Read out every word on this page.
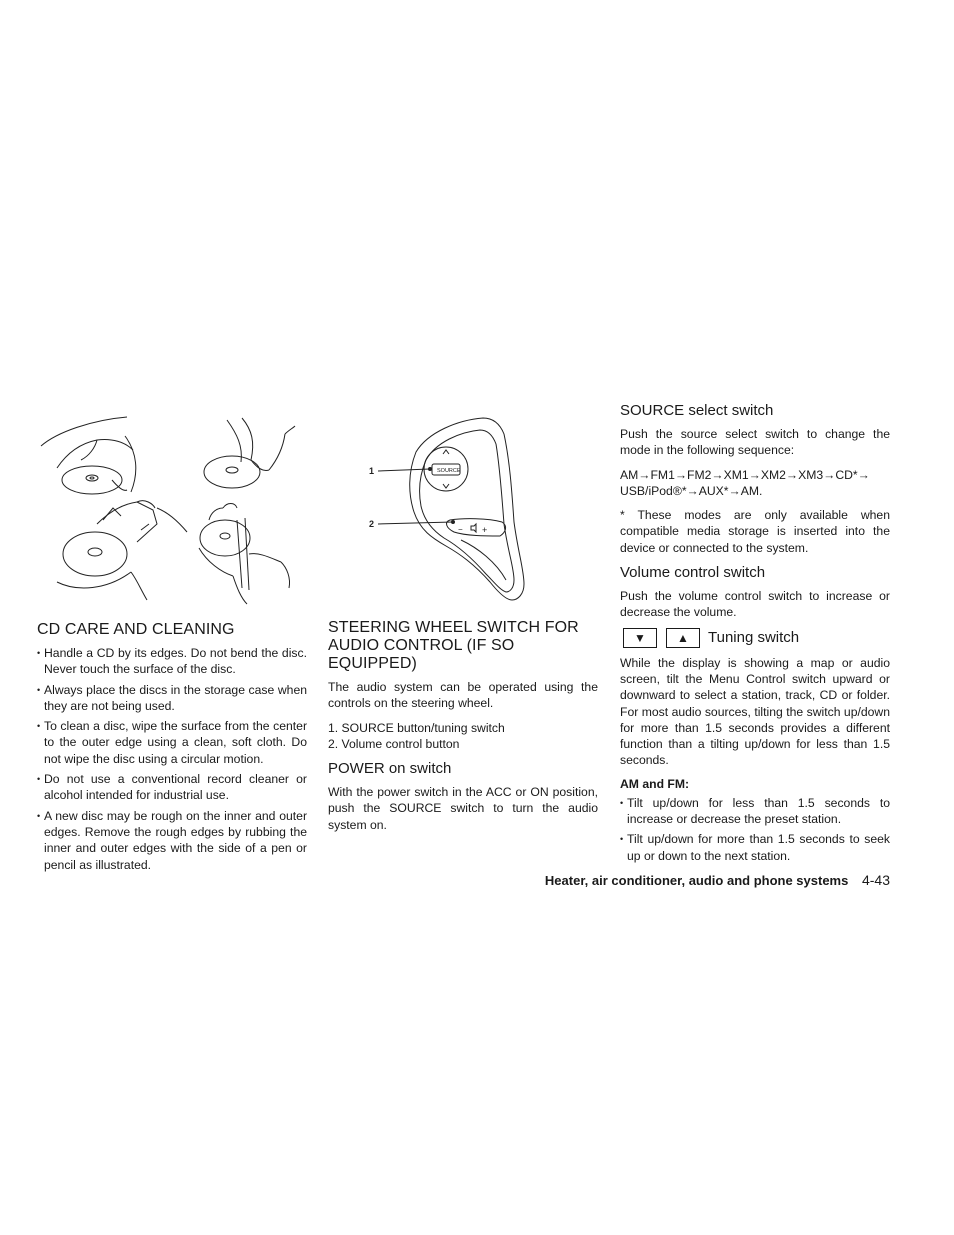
− +
SOURCE
1
2
CD CARE AND CLEANING
• Handle a CD by its edges. Do not bend the disc. Never touch the surface of the disc.
• Always place the discs in the storage case when they are not being used.
• To clean a disc, wipe the surface from the center to the outer edge using a clean, soft cloth. Do not wipe the disc using a circular motion.
• Do not use a conventional record cleaner or alcohol intended for industrial use.
• A new disc may be rough on the inner and outer edges. Remove the rough edges by rubbing the inner and outer edges with the side of a pen or pencil as illustrated.
STEERING WHEEL SWITCH FOR AUDIO CONTROL (IF SO EQUIPPED)

The audio system can be operated using the controls on the steering wheel.

1. SOURCE button/tuning switch
2. Volume control button
POWER on switch

With the power switch in the ACC or ON position, push the SOURCE switch to turn the audio system on.

SOURCE select switch

Push the source select switch to change the mode in the following sequence:

AM→FM1→FM2→XM1→XM2→XM3→CD*→ USB/iPod®*→AUX*→AM.

* These modes are only available when compatible media storage is inserted into the device or connected to the system.

Volume control switch

Push the volume control switch to increase or decrease the volume.

▼	▲	Tuning switch

While the display is showing a map or audio screen, tilt the Menu Control switch upward or downward to select a station, track, CD or folder. For most audio sources, tilting the switch up/down for more than 1.5 seconds provides a different function than a tilting up/down for less than 1.5 seconds.

AM and FM:
• Tilt up/down for less than 1.5 seconds to increase or decrease the preset station.
• Tilt up/down for more than 1.5 seconds to seek up or down to the next station.
Heater, air conditioner, audio and phone systems 4-43
